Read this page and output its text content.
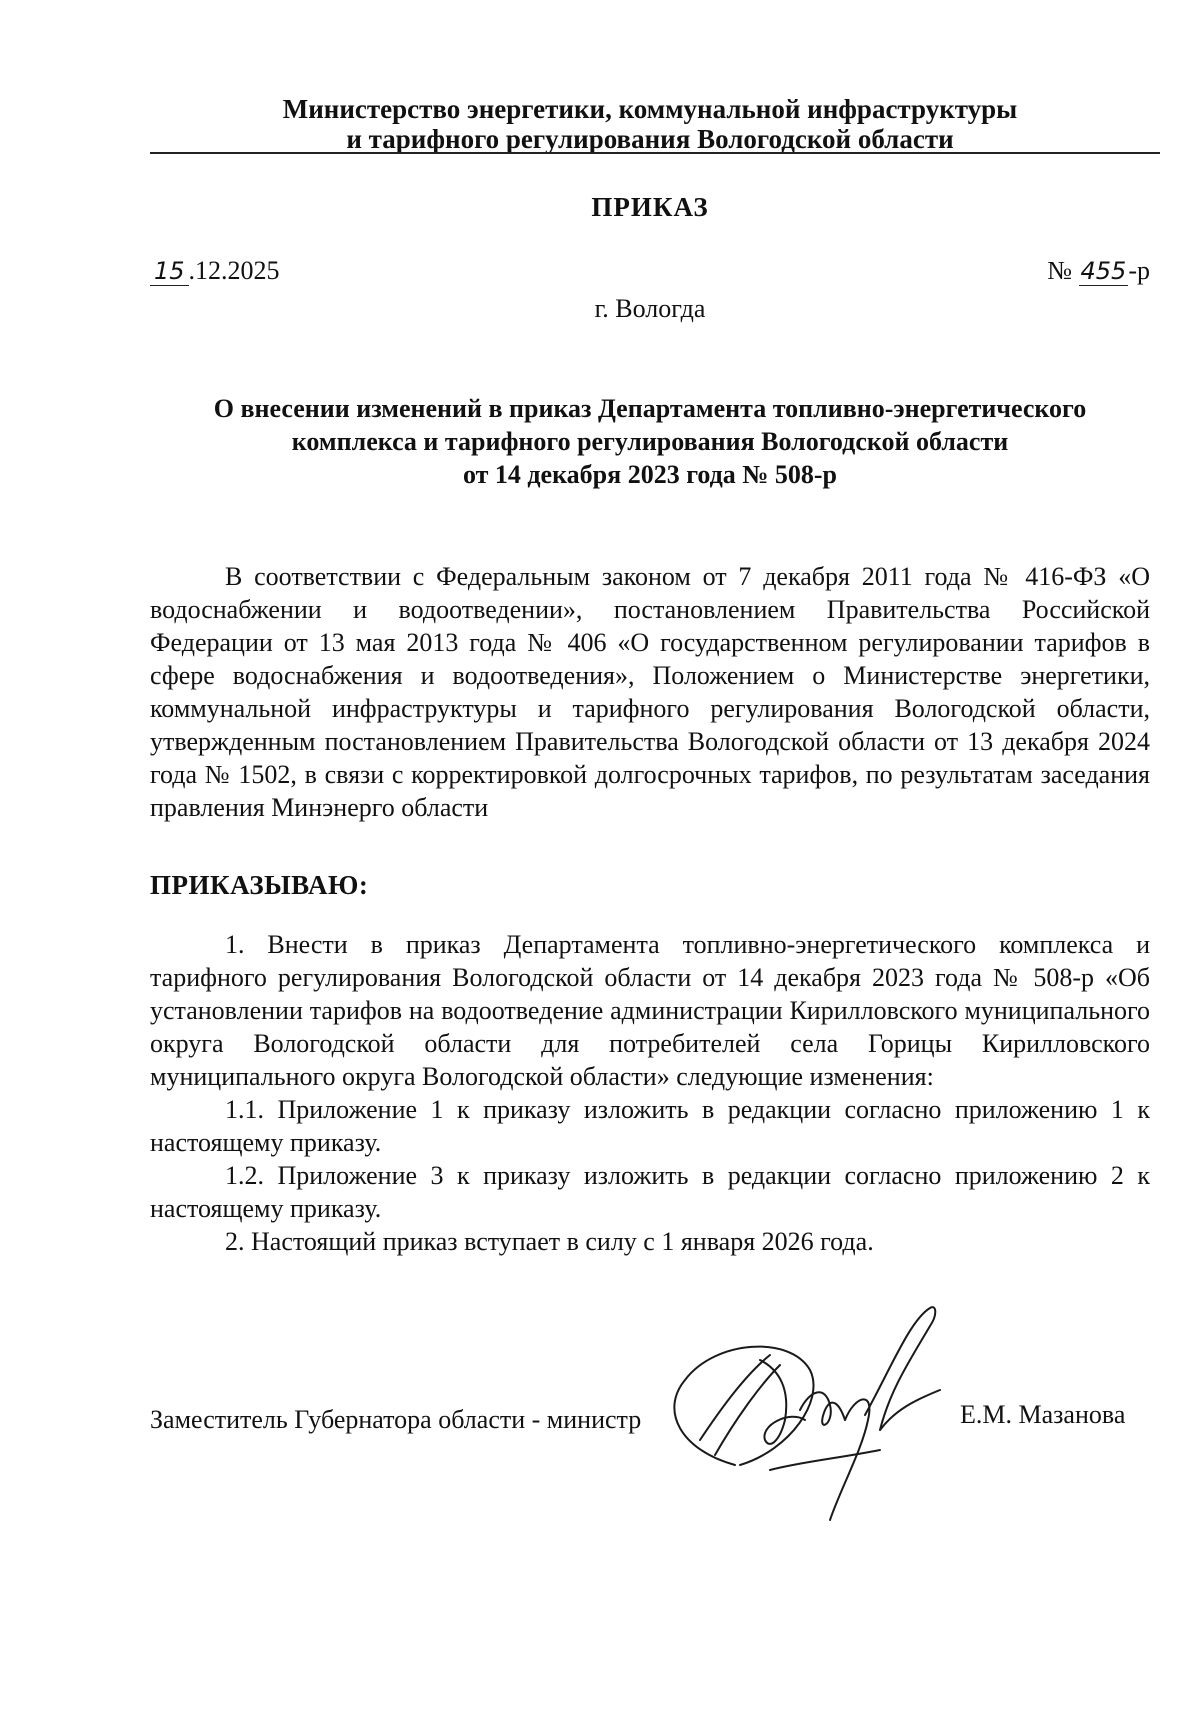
Министерство энергетики, коммунальной инфраструктуры
и тарифного регулирования Вологодской области
ПРИКАЗ
15 .12.2025	№ 455-р
г. Вологда
О внесении изменений в приказ Департамента топливно-энергетического
комплекса и тарифного регулирования Вологодской области
от 14 декабря 2023 года № 508-р

В соответствии с Федеральным законом от 7 декабря 2011 года № 416-ФЗ «О водоснабжении и водоотведении», постановлением Правительства Российской Федерации от 13 мая 2013 года № 406 «О государственном регулировании тарифов в сфере водоснабжения и водоотведения», Положением о Министерстве энергетики, коммунальной инфраструктуры и тарифного регулирования Вологодской области, утвержденным постановлением Правительства Вологодской области от 13 декабря 2024 года № 1502, в связи с корректировкой долгосрочных тарифов, по результатам заседания правления Минэнерго области

ПРИКАЗЫВАЮ:

1. Внести в приказ Департамента топливно-энергетического комплекса и тарифного регулирования Вологодской области от 14 декабря 2023 года № 508-р «Об установлении тарифов на водоотведение администрации Кирилловского муниципального округа Вологодской области для потребителей села Горицы Кирилловского муниципального округа Вологодской области» следующие изменения:

1.1. Приложение 1 к приказу изложить в редакции согласно приложению 1 к настоящему приказу.

1.2. Приложение 3 к приказу изложить в редакции согласно приложению 2 к настоящему приказу.

2. Настоящий приказ вступает в силу с 1 января 2026 года.

Заместитель Губернатора области - министр	Е.М. Мазанова
